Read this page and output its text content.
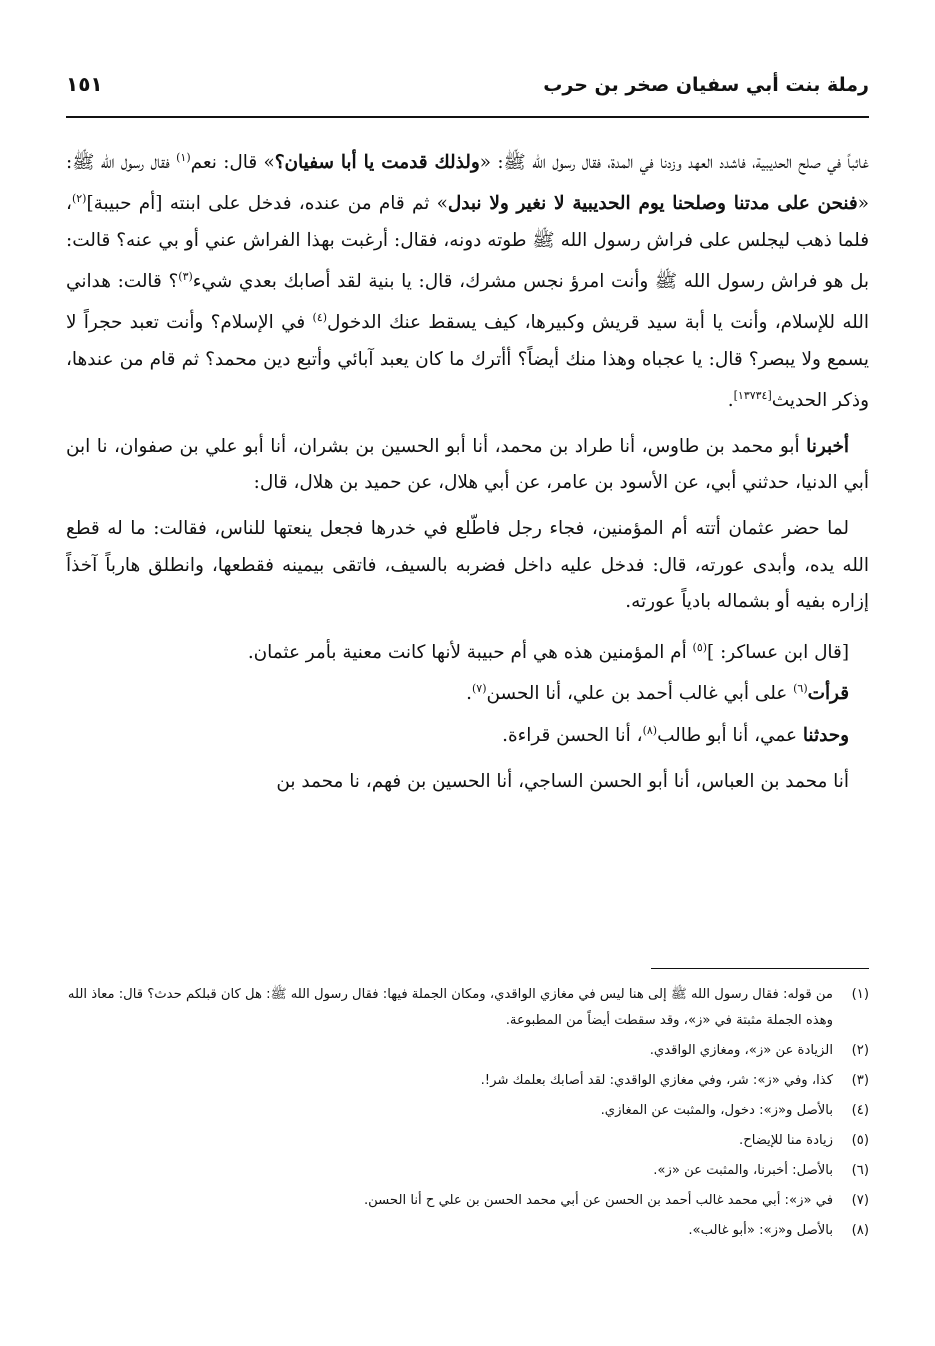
رملة بنت أبي سفيان صخر بن حرب
١٥١

غائباً في صلح الحديبية، فاشدد العهد وزدنا في المدة، فقال رسول الله ﷺ: «ولذلك قدمت يا أبا سفيان؟» قال: نعم$^{(١)}$ فقال رسول الله ﷺ: «فنحن على مدتنا وصلحنا يوم الحديبية لا نغير ولا نبدل» ثم قام من عنده، فدخل على ابنته [أم حبيبة]$^{(٢)}$، فلما ذهب ليجلس على فراش رسول الله ﷺ طوته دونه، فقال: أرغبت بهذا الفراش عني أو بي عنه؟ قالت: بل هو فراش رسول الله ﷺ وأنت امرؤ نجس مشرك، قال: يا بنية لقد أصابك بعدي شيء$^{(٣)}$؟ قالت: هداني الله للإسلام، وأنت يا أبة سيد قريش وكبيرها، كيف يسقط عنك الدخول$^{(٤)}$ في الإسلام؟ وأنت تعبد حجراً لا يسمع ولا يبصر؟ قال: يا عجباه وهذا منك أيضاً؟ أأترك ما كان يعبد آبائي وأتبع دين محمد؟ ثم قام من عندها، وذكر الحديث[١٣٧٣٤].

أخبرنا أبو محمد بن طاوس، أنا طراد بن محمد، أنا أبو الحسين بن بشران، أنا أبو علي بن صفوان، نا ابن أبي الدنيا، حدثني أبي، عن الأسود بن عامر، عن أبي هلال، عن حميد بن هلال، قال:

لما حضر عثمان أتته أم المؤمنين، فجاء رجل فاطّلع في خدرها فجعل ينعتها للناس، فقالت: ما له قطع الله يده، وأبدى عورته، قال: فدخل عليه داخل فضربه بالسيف، فاتقى بيمينه فقطعها، وانطلق هارباً آخذاً إزاره بفيه أو بشماله بادياً عورته.

[قال ابن عساكر: ]$^{(٥)}$ أم المؤمنين هذه هي أم حبيبة لأنها كانت معنية بأمر عثمان.

قرأت$^{(٦)}$ على أبي غالب أحمد بن علي، أنا الحسن$^{(٧)}$.

وحدثنا عمي، أنا أبو طالب$^{(٨)}$، أنا الحسن قراءة.

أنا محمد بن العباس، أنا أبو الحسن الساجي، أنا الحسين بن فهم، نا محمد بن

(١)
من قوله: فقال رسول الله ﷺ إلى هنا ليس في مغازي الواقدي، ومكان الجملة فيها: فقال رسول الله ﷺ: هل كان قبلكم حدث؟ قال: معاذ الله وهذه الجملة مثبتة في «ز»، وقد سقطت أيضاً من المطبوعة.
(٢)
الزيادة عن «ز»، ومغازي الواقدي.
(٣)
كذا، وفي «ز»: شر، وفي مغازي الواقدي: لقد أصابك بعلمك شر!.
(٤)
بالأصل و«ز»: دخول، والمثبت عن المغازي.
(٥)
زيادة منا للإيضاح.
(٦)
بالأصل: أخبرنا، والمثبت عن «ز».
(٧)
في «ز»: أبي محمد غالب أحمد بن الحسن عن أبي محمد الحسن بن علي ح أنا الحسن.
(٨)
بالأصل و«ز»: «أبو غالب».
